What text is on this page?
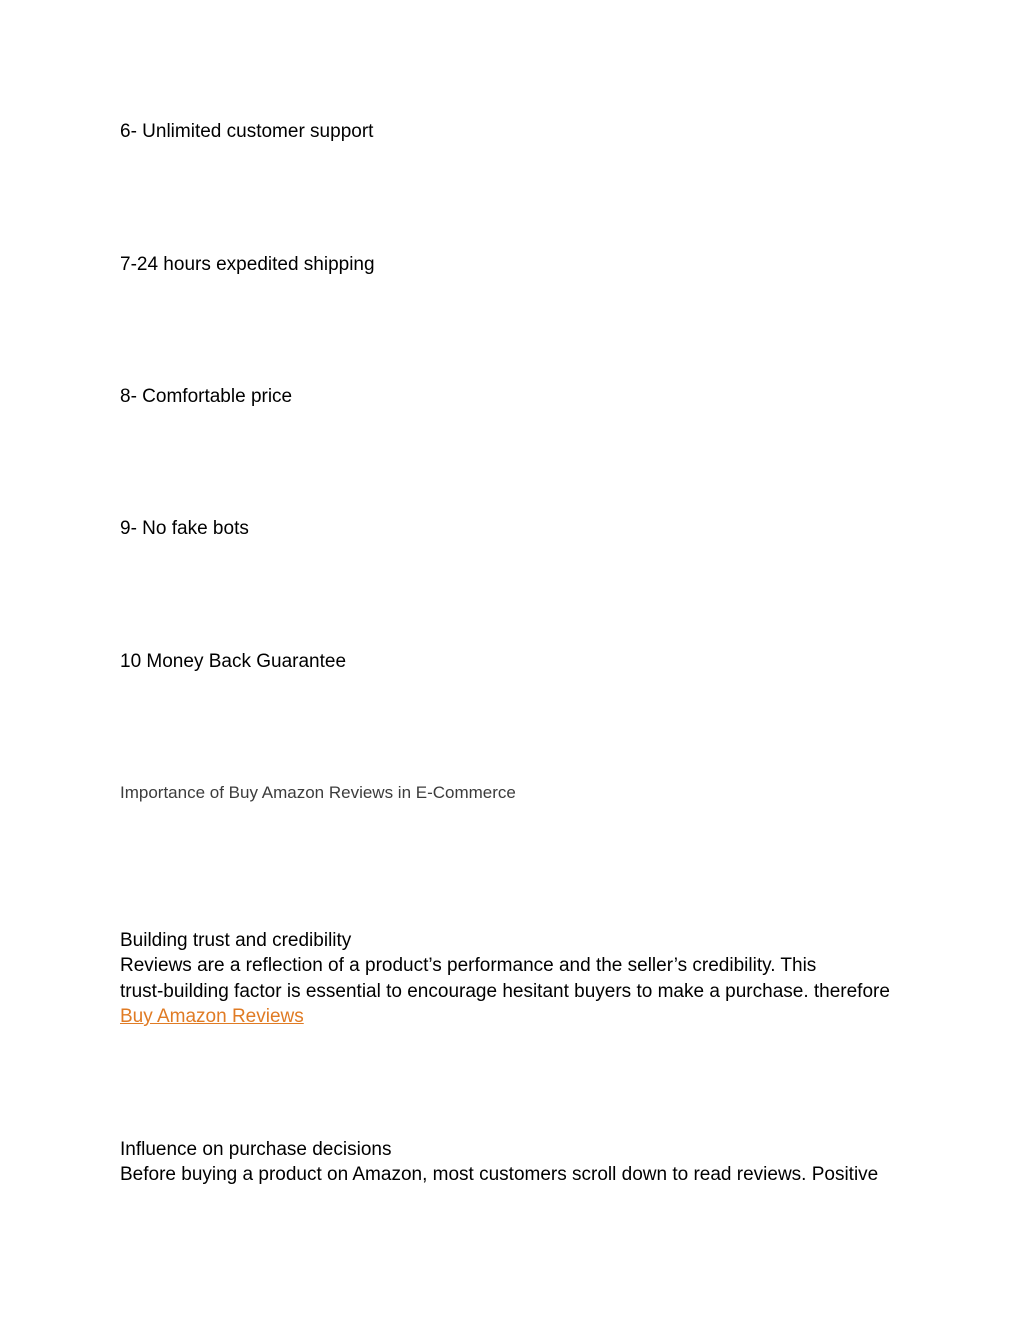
6- Unlimited customer support
7-24 hours expedited shipping
8- Comfortable price
9- No fake bots
10 Money Back Guarantee
Importance of Buy Amazon Reviews in E-Commerce
Building trust and credibility
Reviews are a reflection of a product’s performance and the seller’s credibility. This
trust-building factor is essential to encourage hesitant buyers to make a purchase. therefore
Buy Amazon Reviews
Influence on purchase decisions
Before buying a product on Amazon, most customers scroll down to read reviews. Positive
